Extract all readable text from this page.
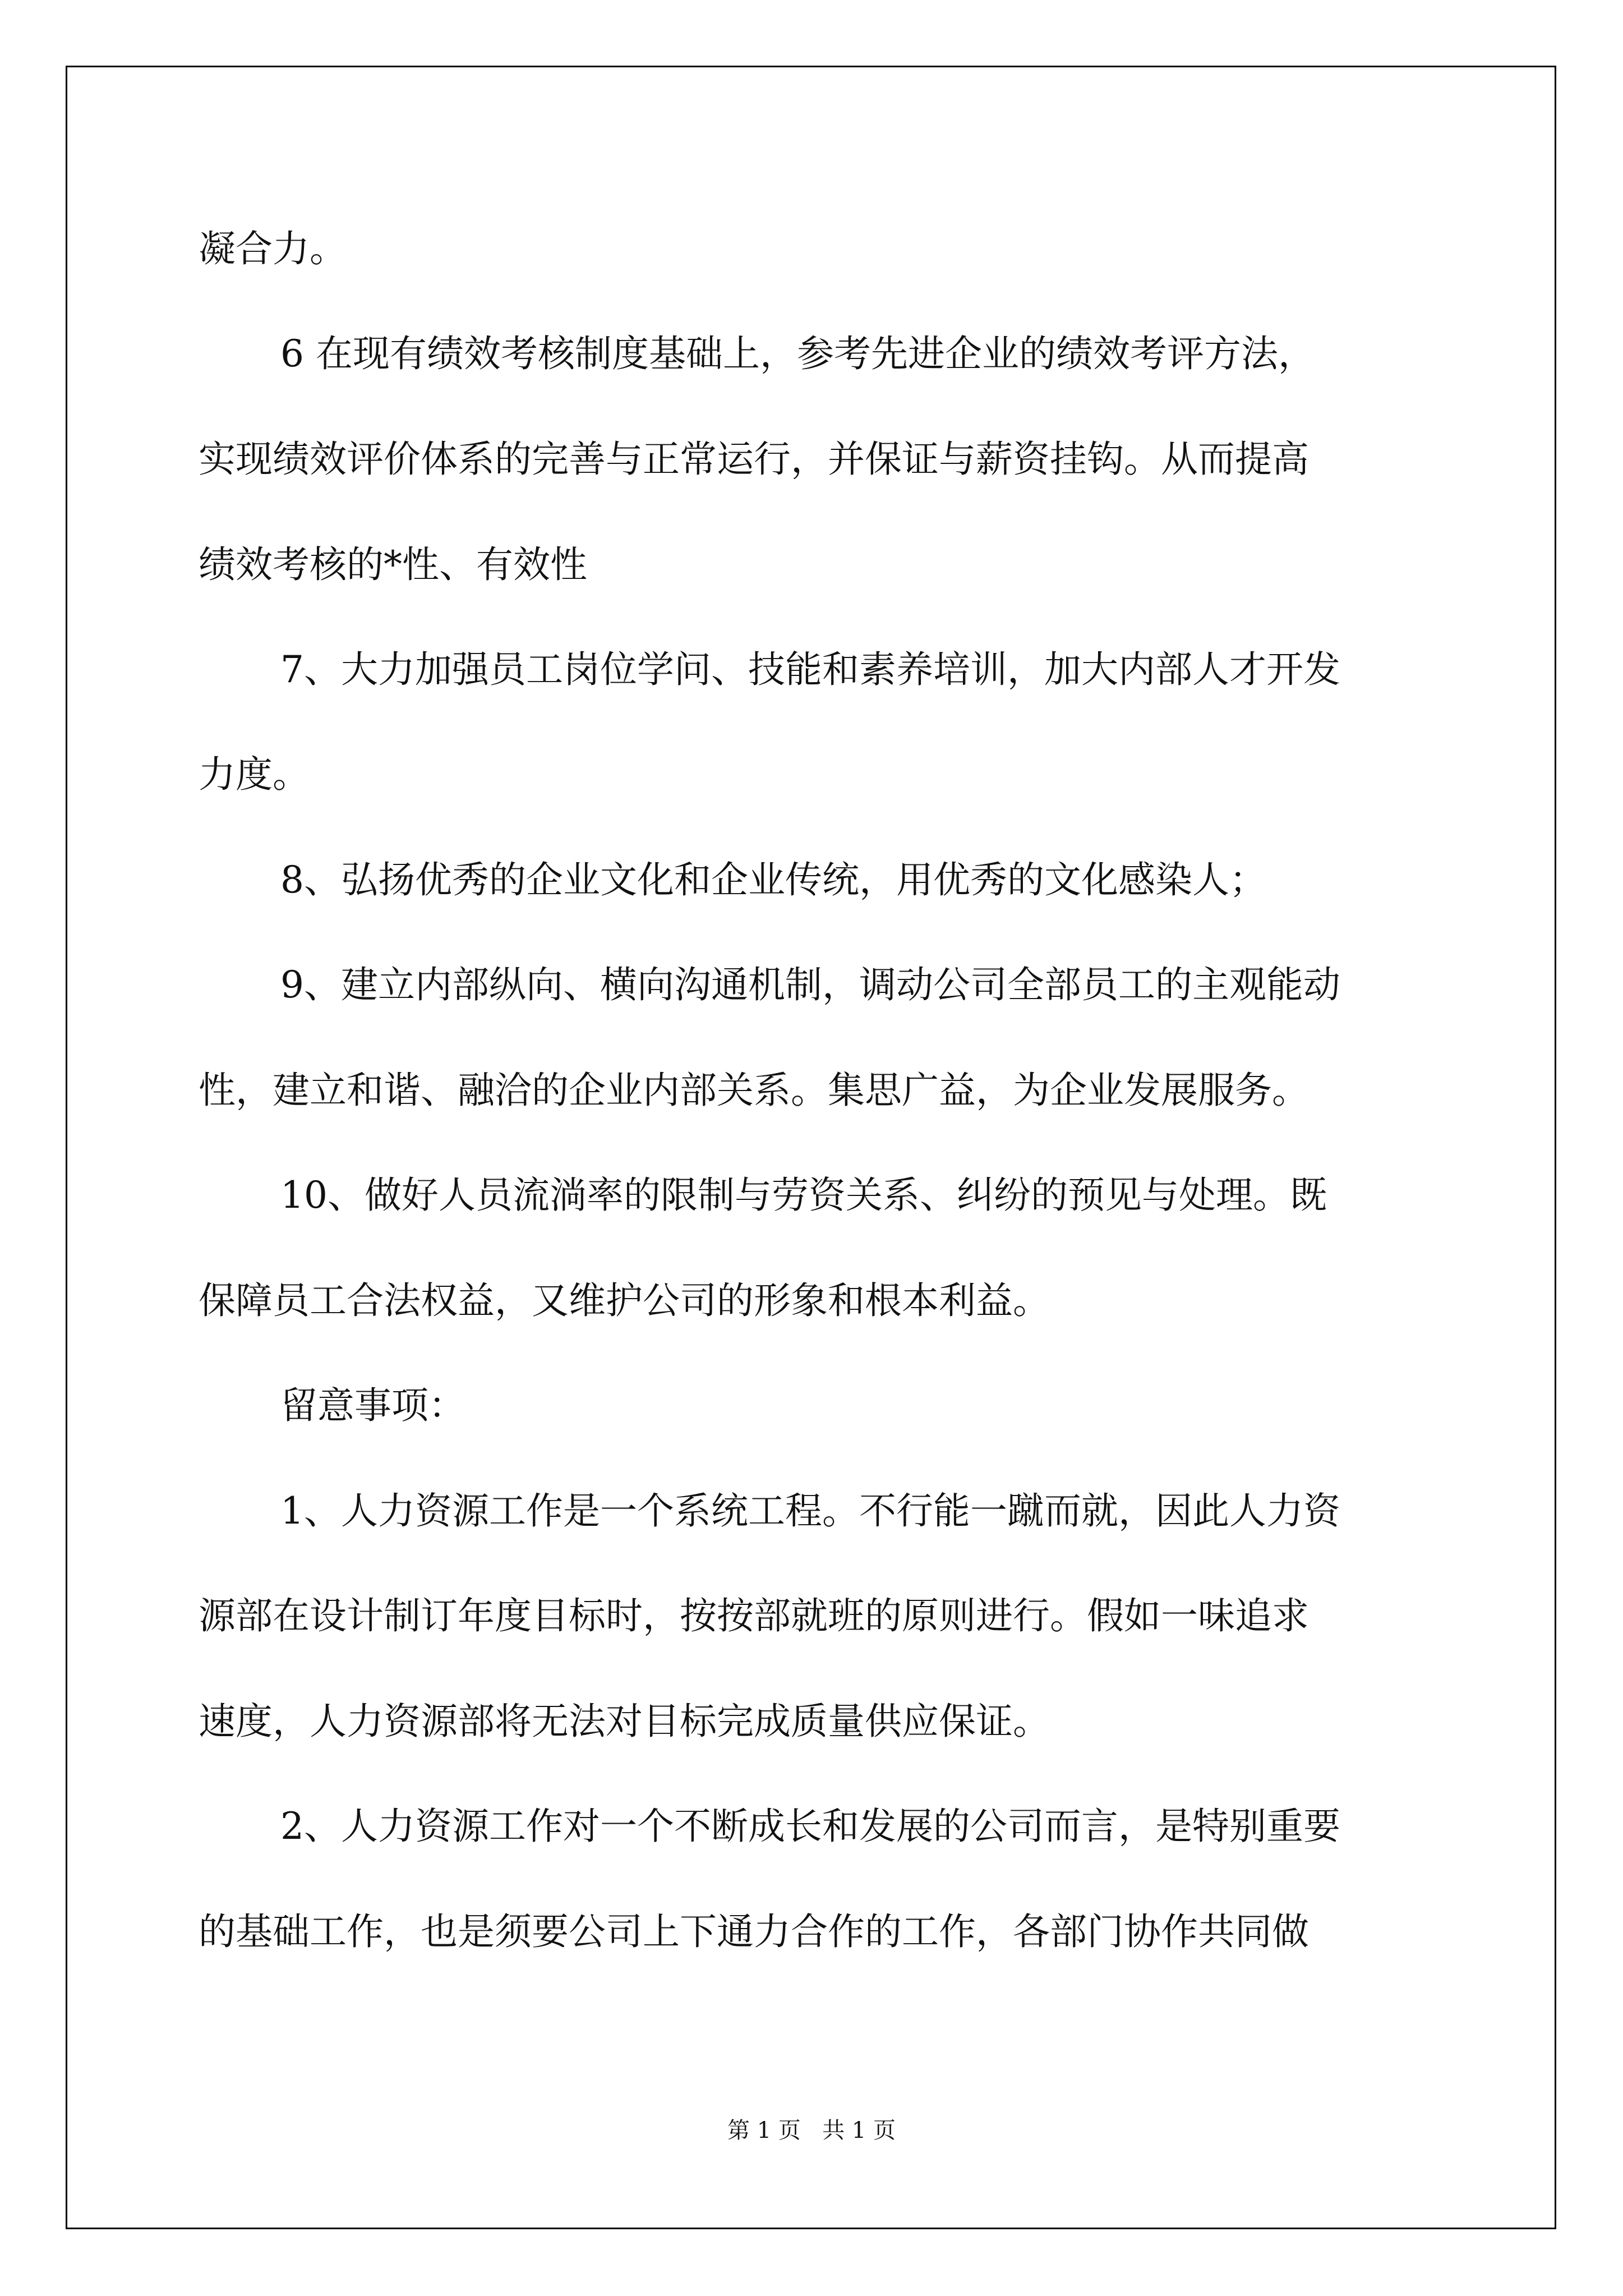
凝合力。

6 在现有绩效考核制度基础上，参考先进企业的绩效考评方法，

实现绩效评价体系的完善与正常运行，并保证与薪资挂钩。从而提高

绩效考核的*性、有效性

7、大力加强员工岗位学问、技能和素养培训，加大内部人才开发

力度。

8、弘扬优秀的企业文化和企业传统，用优秀的文化感染人；

9、建立内部纵向、横向沟通机制，调动公司全部员工的主观能动

性，建立和谐、融洽的企业内部关系。集思广益，为企业发展服务。

10、做好人员流淌率的限制与劳资关系、纠纷的预见与处理。既

保障员工合法权益，又维护公司的形象和根本利益。

留意事项：

1、人力资源工作是一个系统工程。不行能一蹴而就，因此人力资

源部在设计制订年度目标时，按按部就班的原则进行。假如一味追求

速度，人力资源部将无法对目标完成质量供应保证。

2、人力资源工作对一个不断成长和发展的公司而言，是特别重要

的基础工作，也是须要公司上下通力合作的工作，各部门协作共同做

第 1 页   共 1 页
